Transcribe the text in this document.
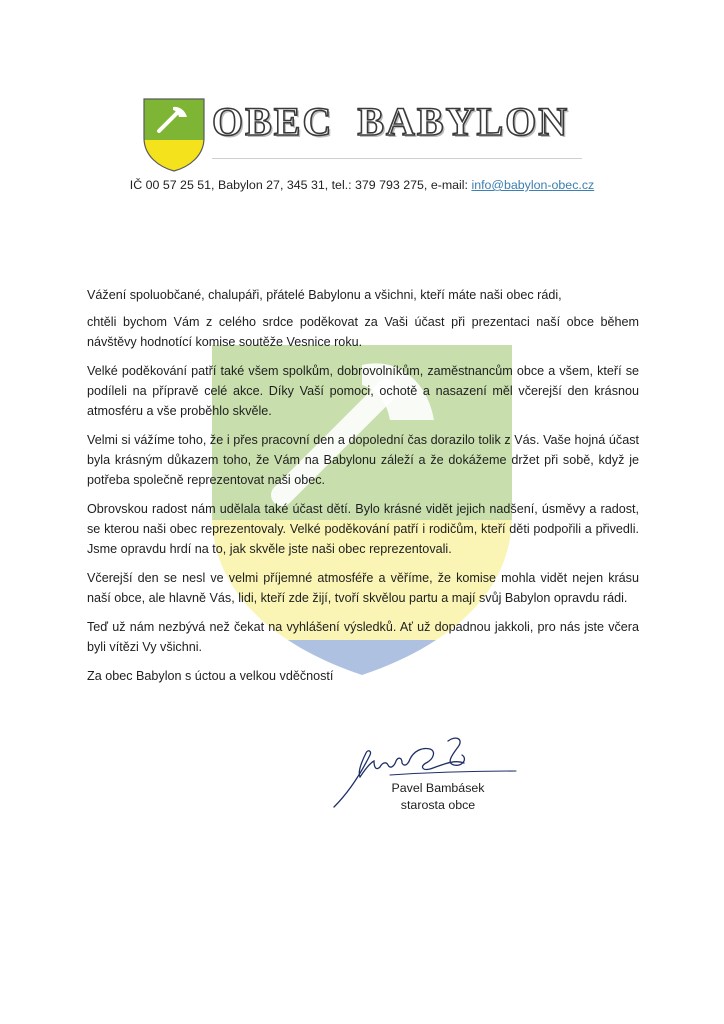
OBEC  BABYLON
IČ 00 57 25 51, Babylon 27, 345 31, tel.: 379 793 275, e-mail: info@babylon-obec.cz

Vážení spoluobčané, chalupáři, přátelé Babylonu a všichni, kteří máte naši obec rádi,

chtěli bychom Vám z celého srdce poděkovat za Vaši účast při prezentaci naší obce během návštěvy hodnotící komise soutěže Vesnice roku.

Velké poděkování patří také všem spolkům, dobrovolníkům, zaměstnancům obce a všem, kteří se podíleli na přípravě celé akce. Díky Vaší pomoci, ochotě a nasazení měl včerejší den krásnou atmosféru a vše proběhlo skvěle.

Velmi si vážíme toho, že i přes pracovní den a dopolední čas dorazilo tolik z Vás. Vaše hojná účast byla krásným důkazem toho, že Vám na Babylonu záleží a že dokážeme držet při sobě, když je potřeba společně reprezentovat naši obec.

Obrovskou radost nám udělala také účast dětí. Bylo krásné vidět jejich nadšení, úsměvy a radost, se kterou naši obec reprezentovaly. Velké poděkování patří i rodičům, kteří děti podpořili a přivedli. Jsme opravdu hrdí na to, jak skvěle jste naši obec reprezentovali.

Včerejší den se nesl ve velmi příjemné atmosféře a věříme, že komise mohla vidět nejen krásu naší obce, ale hlavně Vás, lidi, kteří zde žijí, tvoří skvělou partu a mají svůj Babylon opravdu rádi.

Teď už nám nezbývá než čekat na vyhlášení výsledků. Ať už dopadnou jakkoli, pro nás jste včera byli vítězi Vy všichni.

Za obec Babylon s úctou a velkou vděčností

Pavel Bambásek
starosta obce
